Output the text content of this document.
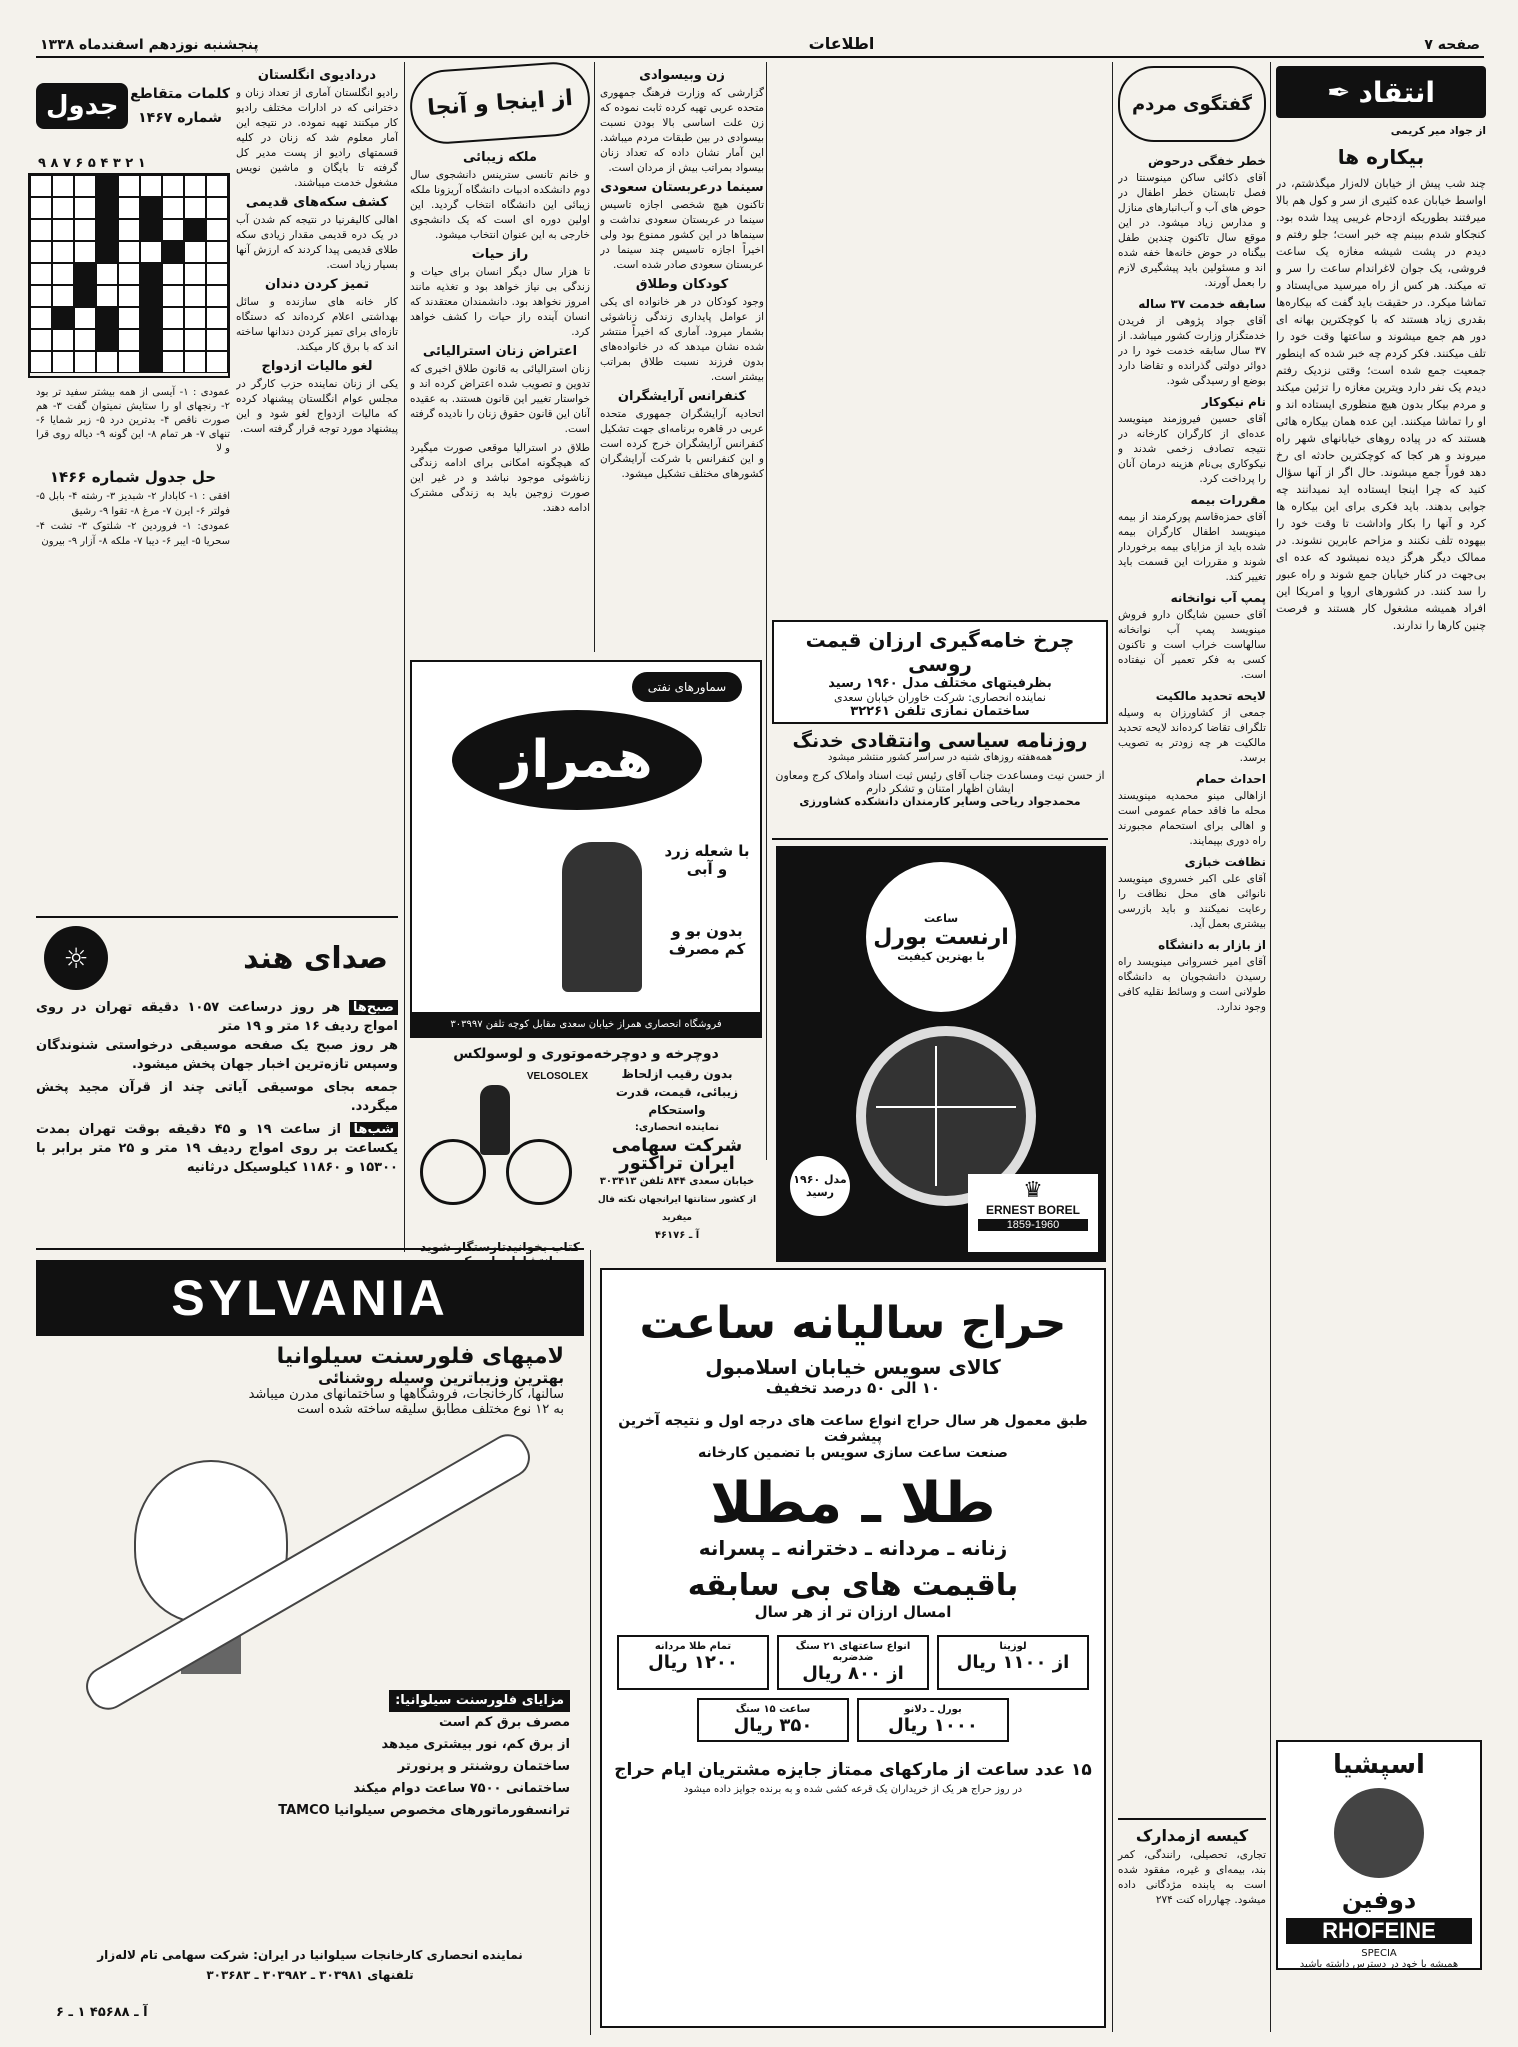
صفحه ۷
اطلاعات
پنجشنبه نوزدهم اسفندماه ۱۳۳۸
انتقاد
✒
از جواد میر کریمی
بیکاره ها
چند شب پیش از خیابان لاله‌زار میگذشتم، در اواسط خیابان عده کثیری از سر و کول هم بالا میرفتند بطوریکه ازدحام غریبی پیدا شده بود. کنجکاو شدم ببینم چه خبر است؛ جلو رفتم و دیدم در پشت شیشه مغازه یک ساعت فروشی، یک جوان لاغراندام ساعت را سر و ته میکند. هر کس از راه میرسید می‌ایستاد و تماشا میکرد. در حقیقت باید گفت که بیکاره‌ها بقدری زیاد هستند که با کوچکترین بهانه ای دور هم جمع میشوند و ساعتها وقت خود را تلف میکنند. فکر کردم چه خبر شده که اینطور جمعیت جمع شده است؛ وقتی نزدیک رفتم دیدم یک نفر دارد ویترین مغازه را تزئین میکند و مردم بیکار بدون هیچ منظوری ایستاده اند و او را تماشا میکنند. این عده همان بیکاره هائی هستند که در پیاده روهای خیابانهای شهر راه میروند و هر کجا که کوچکترین حادثه ای رخ دهد فوراً جمع میشوند. حال اگر از آنها سؤال کنید که چرا اینجا ایستاده اید نمیدانند چه جوابی بدهند. باید فکری برای این بیکاره ها کرد و آنها را بکار واداشت تا وقت خود را بیهوده تلف نکنند و مزاحم عابرین نشوند. در ممالک دیگر هرگز دیده نمیشود که عده ای بی‌جهت در کنار خیابان جمع شوند و راه عبور را سد کنند. در کشورهای اروپا و امریکا این افراد همیشه مشغول کار هستند و فرصت چنین کارها را ندارند.
اسپشیا
دوفین
RHOFEINE
SPECIA
همیشه با خود در دسترس داشته باشید
گفتگوی مردم
خطر خفگی درحوض

آقای ذکائی ساکن مینوسنتا در فصل تابستان خطر اطفال در حوض های آب و آب‌انبارهای منازل و مدارس زیاد میشود. در این موقع سال تاکنون چندین طفل بیگناه در حوض خانه‌ها خفه شده اند و مسئولین باید پیشگیری لازم را بعمل آورند.

سابقه خدمت ۳۷ ساله

آقای جواد پژوهی از فریدن خدمتگزار وزارت کشور میباشد. از ۳۷ سال سابقه خدمت خود را در دوائر دولتی گذرانده و تقاضا دارد بوضع او رسیدگی شود.

نام نیکوکار

آقای حسین فیروزمند مینویسد عده‌ای از کارگران کارخانه در نتیجه تصادف زخمی شدند و نیکوکاری بی‌نام هزینه درمان آنان را پرداخت کرد.

مقررات بیمه

آقای حمزه‌قاسم پورکرمند از بیمه مینویسد اطفال کارگران بیمه شده باید از مزایای بیمه برخوردار شوند و مقررات این قسمت باید تغییر کند.

پمپ آب نوانخانه

آقای حسین شایگان دارو فروش مینویسد پمپ آب نوانخانه سالهاست خراب است و تاکنون کسی به فکر تعمیر آن نیفتاده است.

لایحه تحدید مالکیت

جمعی از کشاورزان به وسیله تلگراف تقاضا کرده‌اند لایحه تحدید مالکیت هر چه زودتر به تصویب برسد.

احداث حمام

ازاهالی مینو محمدیه مینویسند محله ما فاقد حمام عمومی است و اهالی برای استحمام مجبورند راه دوری بپیمایند.

نظافت خبازی

آقای علی اکبر خسروی مینویسد نانوائی های محل نظافت را رعایت نمیکنند و باید بازرسی بیشتری بعمل آید.

از بازار به دانشگاه

آقای امیر خسروانی مینویسد راه رسیدن دانشجویان به دانشگاه طولانی است و وسائط نقلیه کافی وجود ندارد.

کیسه ازمدارک
تجاری، تحصیلی، رانندگی، کمر بند، بیمه‌ای و غیره، مفقود شده است به یابنده مژدگانی داده میشود. چهارراه کنت ۲۷۴
زن وبیسوادی

گزارشی که وزارت فرهنگ جمهوری متحده عربی تهیه کرده ثابت نموده که زن علت اساسی بالا بودن نسبت بیسوادی در بین طبقات مردم میباشد. این آمار نشان داده که تعداد زنان بیسواد بمراتب بیش از مردان است.

سینما درعربستان سعودی

تاکنون هیچ شخصی اجازه تاسیس سینما در عربستان سعودی نداشت و سینماها در این کشور ممنوع بود ولی اخیراً اجازه تاسیس چند سینما در عربستان سعودی صادر شده است.

کودکان وطلاق

وجود کودکان در هر خانواده ای یکی از عوامل پایداری زندگی زناشوئی بشمار میرود. آماری که اخیراً منتشر شده نشان میدهد که در خانواده‌های بدون فرزند نسبت طلاق بمراتب بیشتر است.

کنفرانس آرایشگران

اتحادیه آرایشگران جمهوری متحده عربی در قاهره برنامه‌ای جهت تشکیل کنفرانس آرایشگران خرج کرده است و این کنفرانس با شرکت آرایشگران کشورهای مختلف تشکیل میشود.

از اینجا و آنجا
ملکه زیبائی

و خانم تانسی سترینس دانشجوی سال دوم دانشکده ادبیات دانشگاه آریزونا ملکه زیبائی این دانشگاه انتخاب گردید. این اولین دوره ای است که یک دانشجوی خارجی به این عنوان انتخاب میشود.

راز حیات

تا هزار سال دیگر انسان برای حیات و زندگی بی نیاز خواهد بود و تغذیه مانند امروز نخواهد بود. دانشمندان معتقدند که انسان آینده راز حیات را کشف خواهد کرد.

اعتراض زنان استرالیائی

زنان استرالیائی به قانون طلاق اخیری که تدوین و تصویب شده اعتراض کرده اند و خواستار تغییر این قانون هستند. به عقیده آنان این قانون حقوق زنان را نادیده گرفته است.

طلاق در استرالیا موقعی صورت میگیرد که هیچگونه امکانی برای ادامه زندگی زناشوئی موجود نباشد و در غیر این صورت زوجین باید به زندگی مشترک ادامه دهند.

درداديوی انگلستان

رادیو انگلستان آماری از تعداد زنان و دخترانی که در ادارات مختلف رادیو کار میکنند تهیه نموده. در نتیجه این آمار معلوم شد که زنان در کلیه قسمتهای رادیو از پست مدیر کل گرفته تا بایگان و ماشین نویس مشغول خدمت میباشند.

کشف سکه‌های قدیمی

اهالی کالیفرنیا در نتیجه کم شدن آب در یک دره قدیمی مقدار زیادی سکه طلای قدیمی پیدا کردند که ارزش آنها بسیار زیاد است.

تمیز کردن دندان

کار خانه های سازنده و سائل بهداشتی اعلام کرده‌اند که دستگاه تازه‌ای برای تمیز کردن دندانها ساخته اند که با برق کار میکند.

لغو مالیات ازدواج

یکی از زنان نماینده حزب کارگر در مجلس عوام انگلستان پیشنهاد کرده که مالیات ازدواج لغو شود و این پیشنهاد مورد توجه قرار گرفته است.

کلمات متقاطع
شماره ۱۴۶۷
جدول
۱ ۲ ۳ ۴ ۵ ۶ ۷ ۸ ۹
عمودی : ۱- آیسی از همه بیشتر سفید تر بود ۲- رنجهای او را ستایش نمیتوان گفت ۳- هم صورت ناقص ۴- بدترین درد ۵- زبر شمایا ۶- تنهای ۷- هر تمام ۸- این گونه ۹- دیاله روی قرا و لا
حل جدول شماره ۱۴۶۶
افقی : ۱- کابادار ۲- شبدیز ۳- رشته ۴- بابل ۵- فولتر ۶- ایرن ۷- مرغ ۸- تقوا ۹- رشیق
عمودی: ۱- فروردین ۲- شلتوک ۳- تشت ۴- سحریا ۵- ایبر ۶- دیبا ۷- ملکه ۸- آزار ۹- بیرون
صدای هند
☼
صبح‌ها هر روز درساعت ۱۰۵۷ دقیقه تهران در روی امواج ردیف ۱۶ متر و ۱۹ متر

هر روز صبح یک صفحه موسیقی درخواستی شنوندگان وسپس تازه‌ترین اخبار جهان پخش میشود.

جمعه بجای موسیقی آیاتی چند از قرآن مجید پخش میگردد.

شب‌ها از ساعت ۱۹ و ۴۵ دقیقه بوقت تهران بمدت یکساعت بر روی امواج ردیف ۱۹ متر و ۲۵ متر برابر با ۱۵۳۰۰ و ۱۱۸۶۰ کیلوسیکل درثانیه
سماورهای نفتی
همراز
با شعله زرد و آبی
بدون بو و کم مصرف
فروشگاه انحصاری همراز خیابان سعدی مقابل کوچه تلفن ۳۰۳۹۹۷
دوچرخه و دوچرخه‌موتوری و لوسولکس
بدون رقیب ازلحاظ
زیبائی، قیمت، قدرت واستحکام
نماینده انحصاری:
شرکت سهامی
ایران تراکتور
خیابان سعدی ۸۴۴ تلفن ۳۰۳۴۱۳
از کشور ستانتها ایرانجهان نکته فال میفرید
آ ـ ۴۶۱۷۶
VELOSOLEX
چرخ خامه‌گیری ارزان قیمت روسی
بظرفیتهای مختلف مدل ۱۹۶۰ رسید
نماینده انحصاری: شرکت خاوران خیابان سعدی
ساختمان نمازی تلفن ۳۲۲۶۱
روزنامه سیاسی وانتقادی خدنگ
همه‌هفته روزهای شنبه در سراسر کشور منتشر میشود
از حسن نیت ومساعدت جناب آقای رئیس ثبت اسناد واملاک کرج ومعاون ایشان اظهار امتنان و تشکر دارم
محمدجواد ریاحی وسایر کارمندان دانشکده کشاورزی
ساعت
ارنست بورل
با بهترین کیفیت
مدل ۱۹۶۰ رسید	♛
ERNEST BOREL
1859-1960
کتاب بخوانیدتارستگار شوید
SYLVANIA
لامپهای فلورسنت سیلوانیا
بهترین وزیباترین وسیله روشنائی
سالنها، کارخانجات، فروشگاهها و ساختمانهای مدرن میباشد
به ۱۲ نوع مختلف مطابق سلیقه ساخته شده است
مزایای فلورسنت سیلوانیا:
مصرف برق کم است
از برق کم، نور بیشتری میدهد
ساختمان روشنتر و پرنورتر
ساختمانی ۷۵۰۰ ساعت دوام میکند
ترانسفورماتورهای مخصوص سیلوانیا TAMCO
نماینده انحصاری کارخانجات سیلوانیا در ایران: شرکت سهامی تام لاله‌زار
تلفنهای ۳۰۳۹۸۱ ـ ۳۰۳۹۸۲ ـ ۳۰۳۶۸۳
آ ـ ۴۵۶۸۸ ۱ ـ ۶
حراج سالیانه ساعت
کالای سویس خیابان اسلامبول
۱۰ الی ۵۰ درصد تخفیف
طبق معمول هر سال حراج انواع ساعت های درجه اول و نتیجه آخرین پیشرفت
صنعت ساعت سازی سویس با تضمین کارخانه
طلا ـ مطلا
زنانه ـ مردانه ـ دخترانه ـ پسرانه
باقیمت های بی سابقه
امسال ارزان تر از هر سال
لوزینا
از ۱۱۰۰ ریال
انواع ساعتهای ۲۱ سنگ ضدضربه
از ۸۰۰ ریال
تمام طلا مردانه
۱۲۰۰ ریال
بورل ـ دلانو
۱۰۰۰ ریال
ساعت ۱۵ سنگ
۳۵۰ ریال
۱۵ عدد ساعت از مارکهای ممتاز جایزه مشتریان ایام حراج
در روز حراج هر یک از خریداران یک قرعه کشی شده و به برنده جوایز داده میشود
